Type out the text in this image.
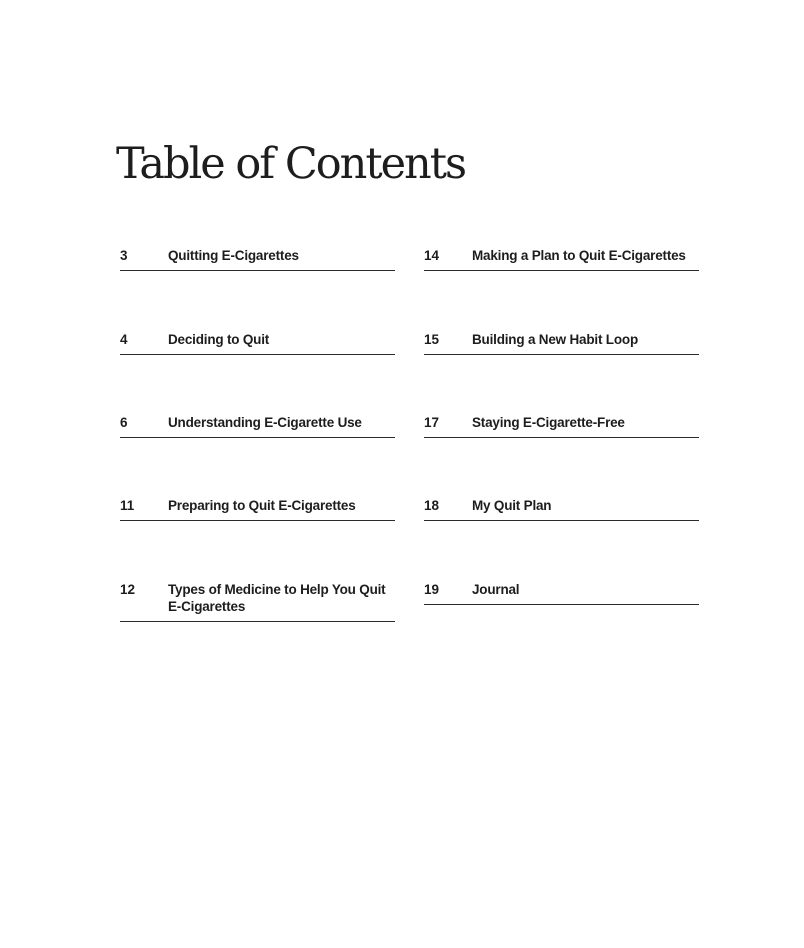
Table of Contents
3	Quitting E-Cigarettes
4	Deciding to Quit
6	Understanding E-Cigarette Use
11	Preparing to Quit E-Cigarettes
12	Types of Medicine to Help You Quit E-Cigarettes
14	Making a Plan to Quit E-Cigarettes
15	Building a New Habit Loop
17	Staying E-Cigarette-Free
18	My Quit Plan
19	Journal
